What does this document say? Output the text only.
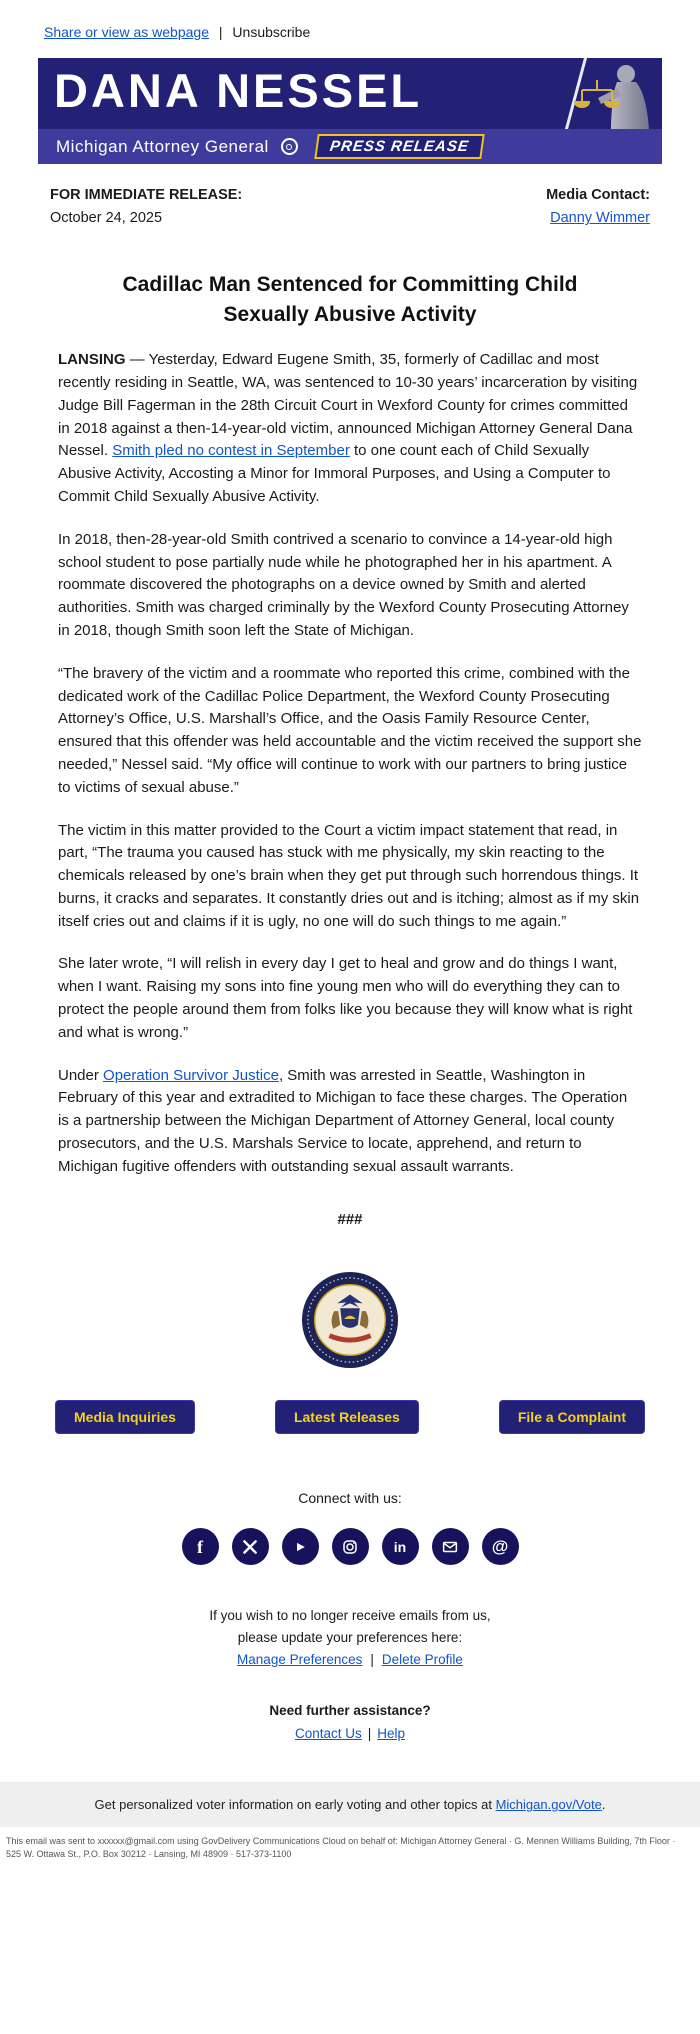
Share or view as webpage | Unsubscribe
DANA NESSEL
Michigan Attorney General	PRESS RELEASE
FOR IMMEDIATE RELEASE:
October 24, 2025
Media Contact:
Danny Wimmer
Cadillac Man Sentenced for Committing Child Sexually Abusive Activity

LANSING — Yesterday, Edward Eugene Smith, 35, formerly of Cadillac and most recently residing in Seattle, WA, was sentenced to 10-30 years’ incarceration by visiting Judge Bill Fagerman in the 28th Circuit Court in Wexford County for crimes committed in 2018 against a then-14-year-old victim, announced Michigan Attorney General Dana Nessel. Smith pled no contest in September to one count each of Child Sexually Abusive Activity, Accosting a Minor for Immoral Purposes, and Using a Computer to Commit Child Sexually Abusive Activity.

In 2018, then-28-year-old Smith contrived a scenario to convince a 14-year-old high school student to pose partially nude while he photographed her in his apartment. A roommate discovered the photographs on a device owned by Smith and alerted authorities. Smith was charged criminally by the Wexford County Prosecuting Attorney in 2018, though Smith soon left the State of Michigan.

“The bravery of the victim and a roommate who reported this crime, combined with the dedicated work of the Cadillac Police Department, the Wexford County Prosecuting Attorney’s Office, U.S. Marshall’s Office, and the Oasis Family Resource Center, ensured that this offender was held accountable and the victim received the support she needed,” Nessel said. “My office will continue to work with our partners to bring justice to victims of sexual abuse.”

The victim in this matter provided to the Court a victim impact statement that read, in part, “The trauma you caused has stuck with me physically, my skin reacting to the chemicals released by one’s brain when they get put through such horrendous things. It burns, it cracks and separates. It constantly dries out and is itching; almost as if my skin itself cries out and claims if it is ugly, no one will do such things to me again.”

She later wrote, “I will relish in every day I get to heal and grow and do things I want, when I want. Raising my sons into fine young men who will do everything they can to protect the people around them from folks like you because they will know what is right and what is wrong.”

Under Operation Survivor Justice, Smith was arrested in Seattle, Washington in February of this year and extradited to Michigan to face these charges. The Operation is a partnership between the Michigan Department of Attorney General, local county prosecutors, and the U.S. Marshals Service to locate, apprehend, and return to Michigan fugitive offenders with outstanding sexual assault warrants.

###

Media Inquiries	Latest Releases	File a Complaint
Connect with us:
f	in	@
If you wish to no longer receive emails from us,
please update your preferences here:
Manage Preferences | Delete Profile
Need further assistance?
Contact Us | Help
Get personalized voter information on early voting and other topics at Michigan.gov/Vote.
This email was sent to xxxxxx@gmail.com using GovDelivery Communications Cloud on behalf of: Michigan Attorney General · G. Mennen Williams Building, 7th Floor · 525 W. Ottawa St., P.O. Box 30212 · Lansing, MI 48909 · 517-373-1100
